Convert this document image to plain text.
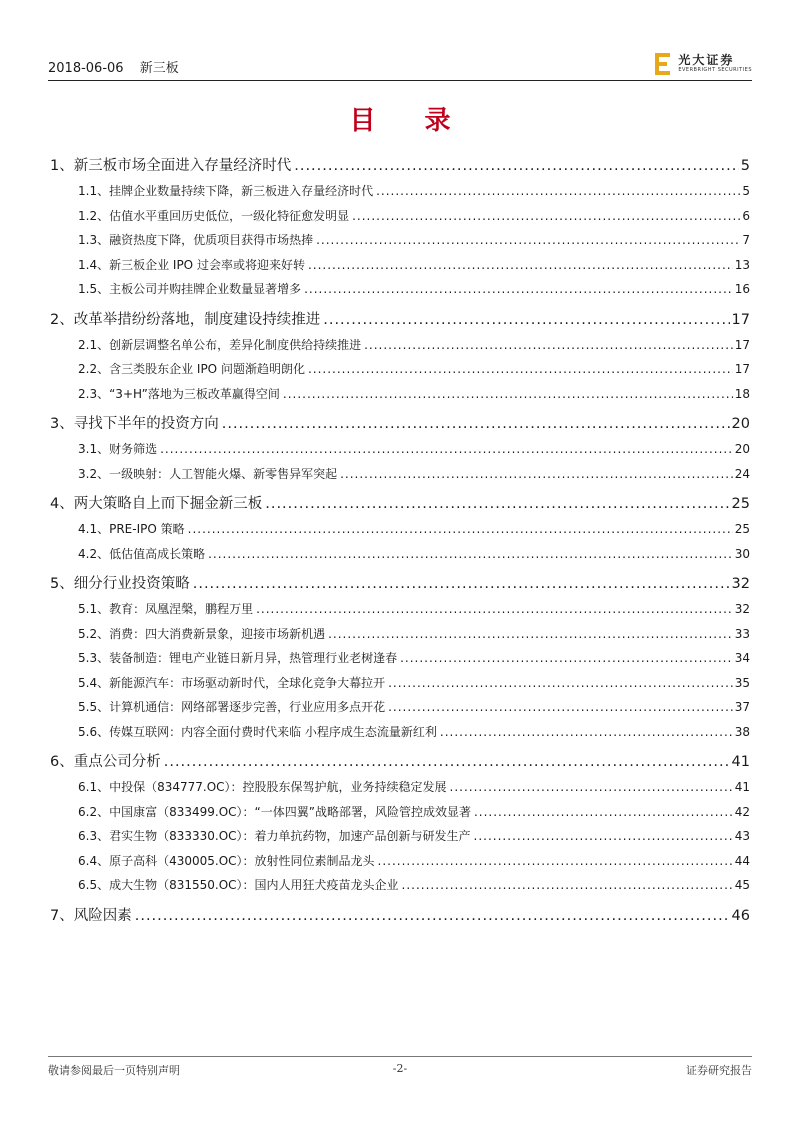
2018-06-06 新三板
光大证券
EVERBRIGHT SECURITIES
目 录
1、 新三板市场全面进入存量经济时代 .....	5
1.1、 挂牌企业数量持续下降，新三板进入存量经济时代 .....	5
1.2、 估值水平重回历史低位，一级化特征愈发明显 .....	6
1.3、 融资热度下降，优质项目获得市场热捧 .....	7
1.4、 新三板企业 IPO 过会率或将迎来好转 .....	13
1.5、 主板公司并购挂牌企业数量显著增多 .....	16
2、 改革举措纷纷落地，制度建设持续推进 .....	17
2.1、 创新层调整名单公布，差异化制度供给持续推进 .....	17
2.2、 含三类股东企业 IPO 问题渐趋明朗化 .....	17
2.3、 “3+H”落地为三板改革赢得空间 .....	18
3、 寻找下半年的投资方向 .....	20
3.1、 财务筛选 .....	20
3.2、 一级映射：人工智能火爆、新零售异军突起 .....	24
4、 两大策略自上而下掘金新三板 .....	25
4.1、 PRE-IPO 策略 .....	25
4.2、 低估值高成长策略 .....	30
5、 细分行业投资策略 .....	32
5.1、 教育：凤凰涅槃，鹏程万里 .....	32
5.2、 消费：四大消费新景象，迎接市场新机遇 .....	33
5.3、 装备制造：锂电产业链日新月异，热管理行业老树逢春 .....	34
5.4、 新能源汽车：市场驱动新时代，全球化竞争大幕拉开 .....	35
5.5、 计算机通信：网络部署逐步完善，行业应用多点开花 .....	37
5.6、 传媒互联网：内容全面付费时代来临 小程序成生态流量新红利 .....	38
6、 重点公司分析 .....	41
6.1、 中投保（834777.OC）：控股股东保驾护航，业务持续稳定发展 .....	41
6.2、 中国康富（833499.OC）：“一体四翼”战略部署，风险管控成效显著 .....	42
6.3、 君实生物（833330.OC）：着力单抗药物，加速产品创新与研发生产 .....	43
6.4、 原子高科（430005.OC）：放射性同位素制品龙头 .....	44
6.5、 成大生物（831550.OC）：国内人用狂犬疫苗龙头企业 .....	45
7、 风险因素 .....	46
敬请参阅最后一页特别声明	-2-	证券研究报告
